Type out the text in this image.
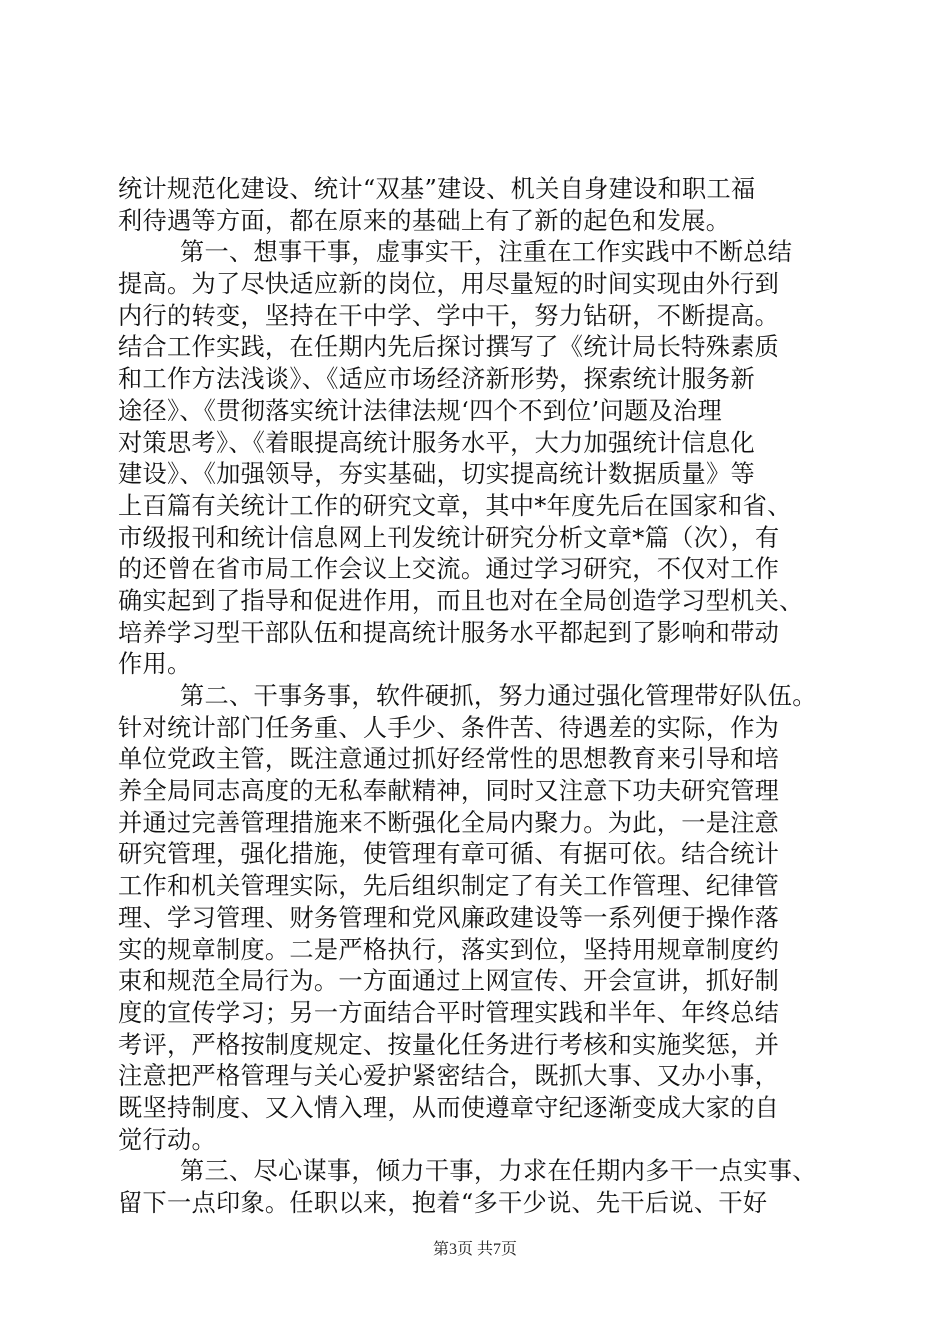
统计规范化建设、统计“双基”建设、机关自身建设和职工福
利待遇等方面，都在原来的基础上有了新的起色和发展。
第一、想事干事，虚事实干，注重在工作实践中不断总结
提高。为了尽快适应新的岗位，用尽量短的时间实现由外行到
内行的转变，坚持在干中学、学中干，努力钻研，不断提高。
结合工作实践，在任期内先后探讨撰写了《统计局长特殊素质
和工作方法浅谈》、《适应市场经济新形势，探索统计服务新
途径》、《贯彻落实统计法律法规‘四个不到位’问题及治理
对策思考》、《着眼提高统计服务水平，大力加强统计信息化
建设》、《加强领导，夯实基础，切实提高统计数据质量》等
上百篇有关统计工作的研究文章，其中*年度先后在国家和省、
市级报刊和统计信息网上刊发统计研究分析文章*篇（次），有
的还曾在省市局工作会议上交流。通过学习研究，不仅对工作
确实起到了指导和促进作用，而且也对在全局创造学习型机关、
培养学习型干部队伍和提高统计服务水平都起到了影响和带动
作用。
第二、干事务事，软件硬抓，努力通过强化管理带好队伍。
针对统计部门任务重、人手少、条件苦、待遇差的实际，作为
单位党政主管，既注意通过抓好经常性的思想教育来引导和培
养全局同志高度的无私奉献精神，同时又注意下功夫研究管理
并通过完善管理措施来不断强化全局内聚力。为此，一是注意
研究管理，强化措施，使管理有章可循、有据可依。结合统计
工作和机关管理实际，先后组织制定了有关工作管理、纪律管
理、学习管理、财务管理和党风廉政建设等一系列便于操作落
实的规章制度。二是严格执行，落实到位，坚持用规章制度约
束和规范全局行为。一方面通过上网宣传、开会宣讲，抓好制
度的宣传学习；另一方面结合平时管理实践和半年、年终总结
考评，严格按制度规定、按量化任务进行考核和实施奖惩，并
注意把严格管理与关心爱护紧密结合，既抓大事、又办小事，
既坚持制度、又入情入理，从而使遵章守纪逐渐变成大家的自
觉行动。
第三、尽心谋事，倾力干事，力求在任期内多干一点实事、
留下一点印象。任职以来，抱着“多干少说、先干后说、干好
第3页 共7页
